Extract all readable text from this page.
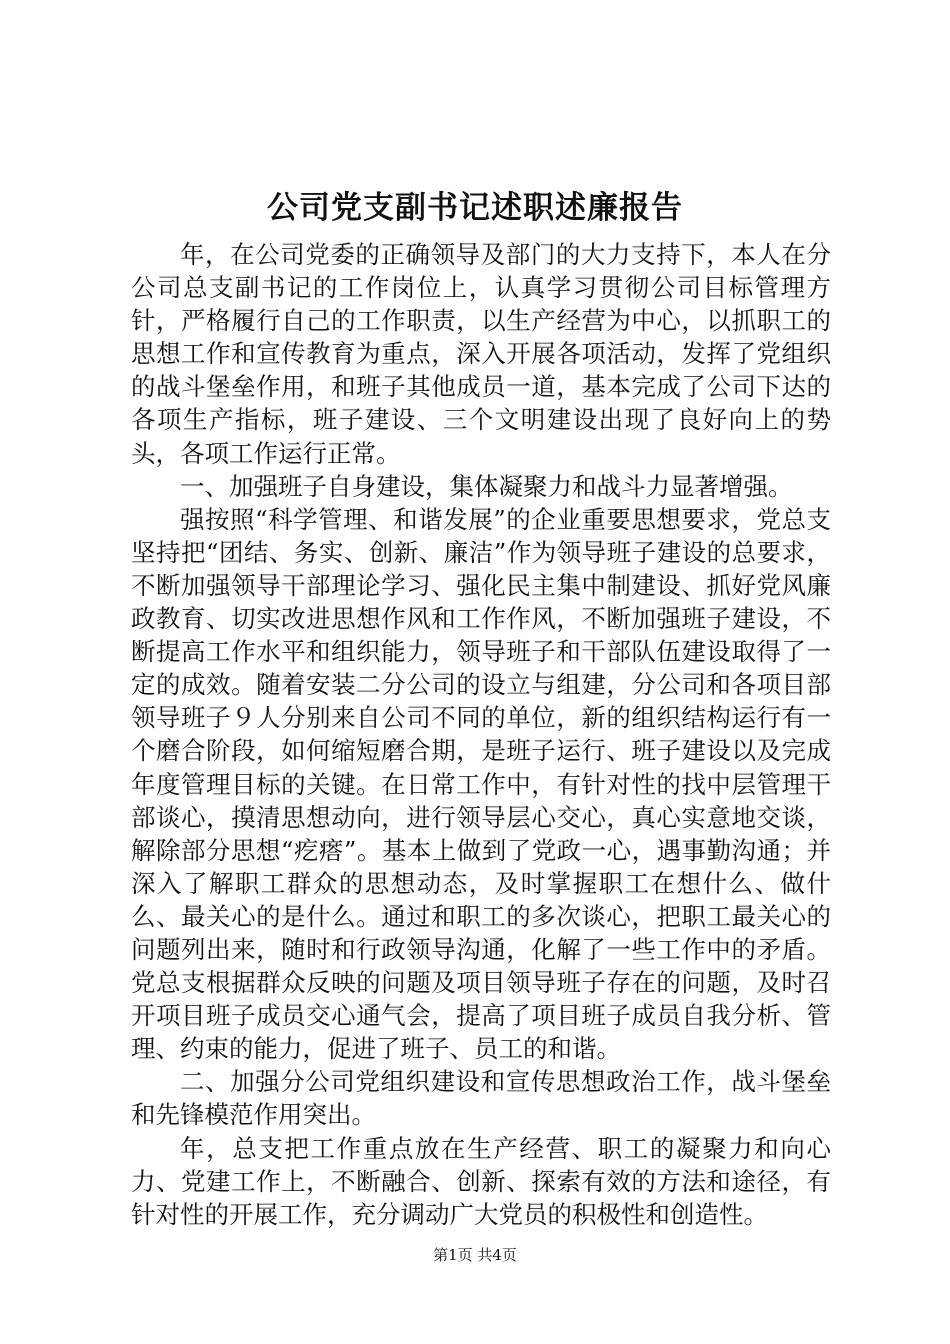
公司党支副书记述职述廉报告

年，在公司党委的正确领导及部门的大力支持下，本人在分公司总支副书记的工作岗位上，认真学习贯彻公司目标管理方针，严格履行自己的工作职责，以生产经营为中心，以抓职工的思想工作和宣传教育为重点，深入开展各项活动，发挥了党组织的战斗堡垒作用，和班子其他成员一道，基本完成了公司下达的各项生产指标，班子建设、三个文明建设出现了良好向上的势头，各项工作运行正常。

一、加强班子自身建设，集体凝聚力和战斗力显著增强。

强按照“科学管理、和谐发展”的企业重要思想要求，党总支坚持把“团结、务实、创新、廉洁”作为领导班子建设的总要求，不断加强领导干部理论学习、强化民主集中制建设、抓好党风廉政教育、切实改进思想作风和工作作风，不断加强班子建设，不断提高工作水平和组织能力，领导班子和干部队伍建设取得了一定的成效。随着安装二分公司的设立与组建，分公司和各项目部领导班子９人分别来自公司不同的单位，新的组织结构运行有一个磨合阶段，如何缩短磨合期，是班子运行、班子建设以及完成年度管理目标的关键。在日常工作中，有针对性的找中层管理干部谈心，摸清思想动向，进行领导层心交心，真心实意地交谈，解除部分思想“疙瘩”。基本上做到了党政一心，遇事勤沟通；并深入了解职工群众的思想动态，及时掌握职工在想什么、做什么、最关心的是什么。通过和职工的多次谈心，把职工最关心的问题列出来，随时和行政领导沟通，化解了一些工作中的矛盾。党总支根据群众反映的问题及项目领导班子存在的问题，及时召开项目班子成员交心通气会，提高了项目班子成员自我分析、管理、约束的能力，促进了班子、员工的和谐。

二、加强分公司党组织建设和宣传思想政治工作，战斗堡垒和先锋模范作用突出。

年，总支把工作重点放在生产经营、职工的凝聚力和向心力、党建工作上，不断融合、创新、探索有效的方法和途径，有针对性的开展工作，充分调动广大党员的积极性和创造性。

第1页 共4页
